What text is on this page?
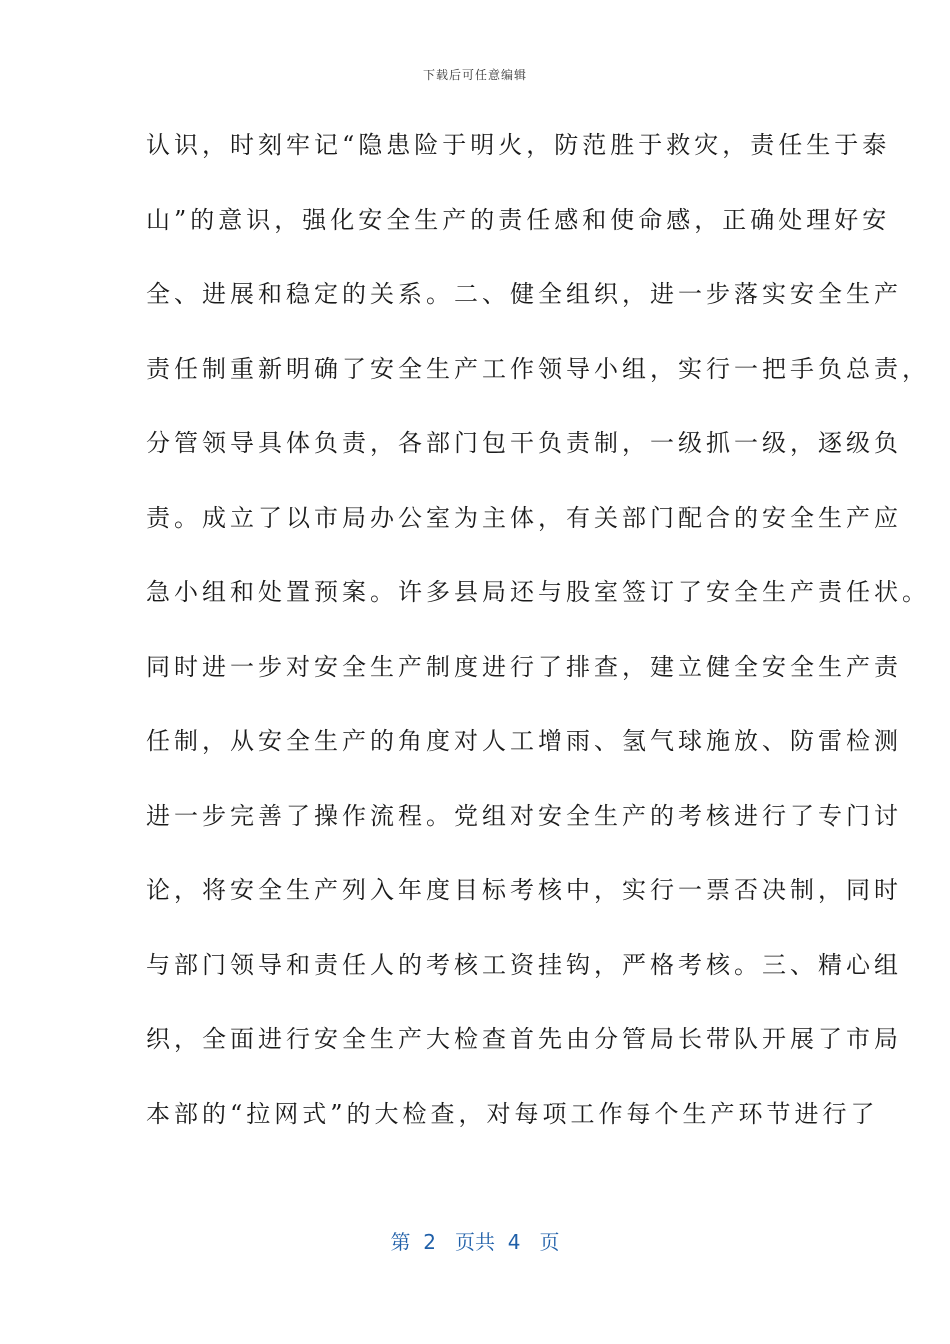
下载后可任意编辑
认识，时刻牢记“隐患险于明火，防范胜于救灾，责任生于泰
山”的意识，强化安全生产的责任感和使命感，正确处理好安
全、进展和稳定的关系。二、健全组织，进一步落实安全生产
责任制重新明确了安全生产工作领导小组，实行一把手负总责，
分管领导具体负责，各部门包干负责制，一级抓一级，逐级负
责。成立了以市局办公室为主体，有关部门配合的安全生产应
急小组和处置预案。许多县局还与股室签订了安全生产责任状。
同时进一步对安全生产制度进行了排查，建立健全安全生产责
任制，从安全生产的角度对人工增雨、氢气球施放、防雷检测
进一步完善了操作流程。党组对安全生产的考核进行了专门讨
论，将安全生产列入年度目标考核中，实行一票否决制，同时
与部门领导和责任人的考核工资挂钩，严格考核。三、精心组
织，全面进行安全生产大检查首先由分管局长带队开展了市局
本部的“拉网式”的大检查，对每项工作每个生产环节进行了
第  2   页共  4   页
